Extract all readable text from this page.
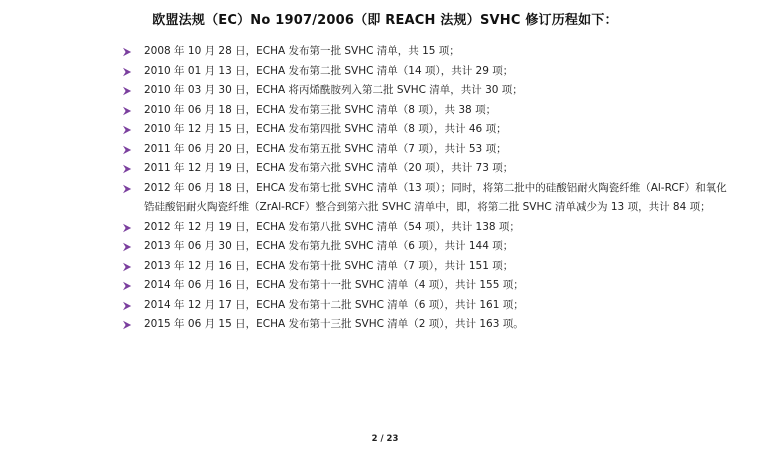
欧盟法规（EC）No 1907/2006（即 REACH 法规）SVHC 修订历程如下：
2008 年 10 月 28 日，ECHA 发布第一批 SVHC 清单，共 15 项；
2010 年 01 月 13 日，ECHA 发布第二批 SVHC 清单（14 项），共计 29 项；
2010 年 03 月 30 日，ECHA 将丙烯酰胺列入第二批 SVHC 清单，共计 30 项；
2010 年 06 月 18 日，ECHA 发布第三批 SVHC 清单（8 项），共 38 项；
2010 年 12 月 15 日，ECHA 发布第四批 SVHC 清单（8 项），共计 46 项；
2011 年 06 月 20 日，ECHA 发布第五批 SVHC 清单（7 项），共计 53 项；
2011 年 12 月 19 日，ECHA 发布第六批 SVHC 清单（20 项），共计 73 项；
2012 年 06 月 18 日，EHCA 发布第七批 SVHC 清单（13 项）；同时，将第二批中的硅酸铝耐火陶瓷纤维（Al-RCF）和氧化锆硅酸铝耐火陶瓷纤维（ZrAl-RCF）整合到第六批 SVHC 清单中，即，将第二批 SVHC 清单减少为 13 项，共计 84 项；
2012 年 12 月 19 日，ECHA 发布第八批 SVHC 清单（54 项），共计 138 项；
2013 年 06 月 30 日，ECHA 发布第九批 SVHC 清单（6 项），共计 144 项；
2013 年 12 月 16 日，ECHA 发布第十批 SVHC 清单（7 项），共计 151 项；
2014 年 06 月 16 日，ECHA 发布第十一批 SVHC 清单（4 项），共计 155 项；
2014 年 12 月 17 日，ECHA 发布第十二批 SVHC 清单（6 项），共计 161 项；
2015 年 06 月 15 日，ECHA 发布第十三批 SVHC 清单（2 项），共计 163 项。
2 / 23
